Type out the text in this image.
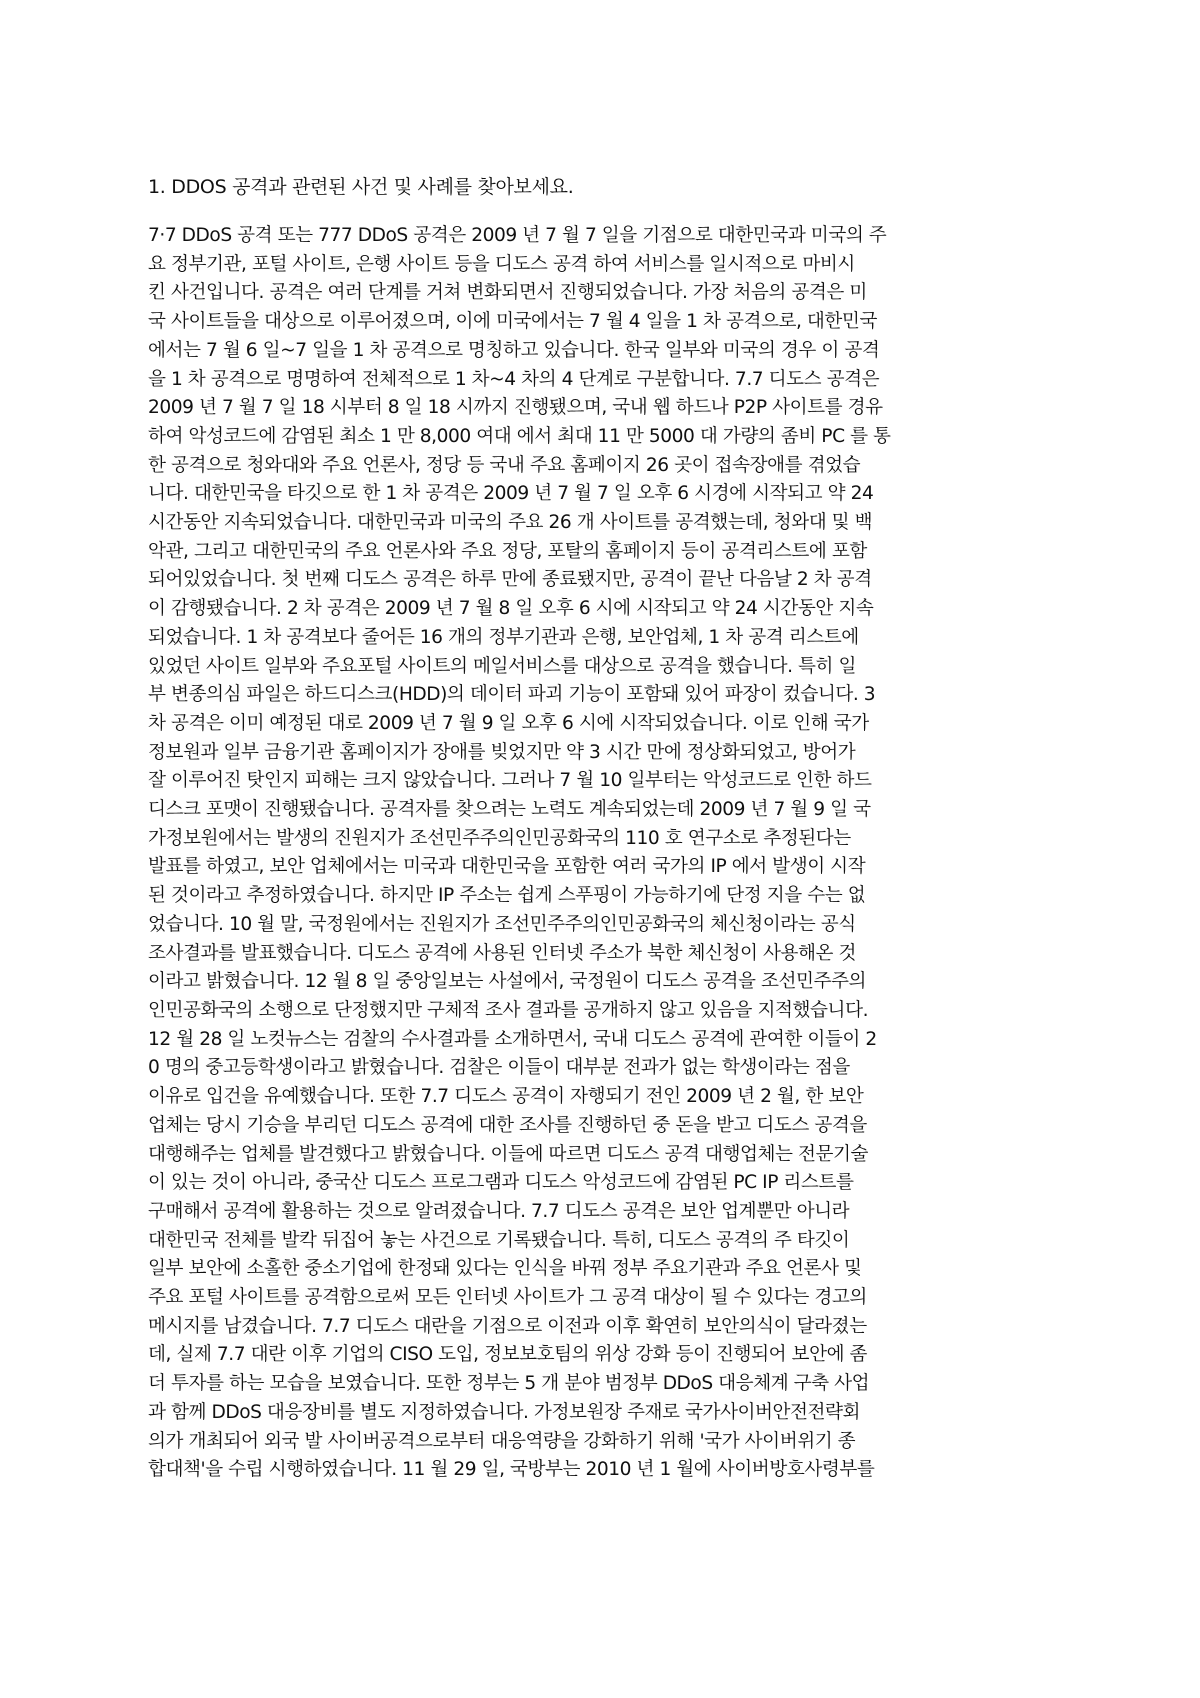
1. DDOS 공격과 관련된 사건 및 사례를 찾아보세요.
7·7 DDoS 공격 또는 777 DDoS 공격은 2009 년 7 월 7 일을 기점으로 대한민국과 미국의 주
요 정부기관, 포털 사이트, 은행 사이트 등을 디도스 공격 하여 서비스를 일시적으로 마비시
킨 사건입니다. 공격은 여러 단계를 거쳐 변화되면서 진행되었습니다. 가장 처음의 공격은 미
국 사이트들을 대상으로 이루어졌으며, 이에 미국에서는 7 월 4 일을 1 차 공격으로, 대한민국
에서는 7 월 6 일~7 일을 1 차 공격으로 명칭하고 있습니다. 한국 일부와 미국의 경우 이 공격
을 1 차 공격으로 명명하여 전체적으로 1 차~4 차의 4 단계로 구분합니다. 7.7 디도스 공격은
2009 년 7 월 7 일 18 시부터 8 일 18 시까지 진행됐으며, 국내 웹 하드나 P2P 사이트를 경유
하여 악성코드에 감염된 최소 1 만 8,000 여대 에서 최대 11 만 5000 대 가량의 좀비 PC 를 통
한 공격으로 청와대와 주요 언론사, 정당 등 국내 주요 홈페이지 26 곳이 접속장애를 겪었습
니다. 대한민국을 타깃으로 한 1 차 공격은 2009 년 7 월 7 일 오후 6 시경에 시작되고 약 24
시간동안 지속되었습니다. 대한민국과 미국의 주요 26 개 사이트를 공격했는데, 청와대 및 백
악관, 그리고 대한민국의 주요 언론사와 주요 정당, 포탈의 홈페이지 등이 공격리스트에 포함
되어있었습니다. 첫 번째 디도스 공격은 하루 만에 종료됐지만, 공격이 끝난 다음날 2 차 공격
이 감행됐습니다. 2 차 공격은 2009 년 7 월 8 일 오후 6 시에 시작되고 약 24 시간동안 지속
되었습니다. 1 차 공격보다 줄어든 16 개의 정부기관과 은행, 보안업체, 1 차 공격 리스트에
있었던 사이트 일부와 주요포털 사이트의 메일서비스를 대상으로 공격을 했습니다. 특히 일
부 변종의심 파일은 하드디스크(HDD)의 데이터 파괴 기능이 포함돼 있어 파장이 컸습니다. 3
차 공격은 이미 예정된 대로 2009 년 7 월 9 일 오후 6 시에 시작되었습니다. 이로 인해 국가
정보원과 일부 금융기관 홈페이지가 장애를 빚었지만 약 3 시간 만에 정상화되었고, 방어가
잘 이루어진 탓인지 피해는 크지 않았습니다. 그러나 7 월 10 일부터는 악성코드로 인한 하드
디스크 포맷이 진행됐습니다. 공격자를 찾으려는 노력도 계속되었는데 2009 년 7 월 9 일 국
가정보원에서는 발생의 진원지가 조선민주주의인민공화국의 110 호 연구소로 추정된다는
발표를 하였고, 보안 업체에서는 미국과 대한민국을 포함한 여러 국가의 IP 에서 발생이 시작
된 것이라고 추정하였습니다. 하지만 IP 주소는 쉽게 스푸핑이 가능하기에 단정 지을 수는 없
었습니다. 10 월 말, 국정원에서는 진원지가 조선민주주의인민공화국의 체신청이라는 공식
조사결과를 발표했습니다. 디도스 공격에 사용된 인터넷 주소가 북한 체신청이 사용해온 것
이라고 밝혔습니다. 12 월 8 일 중앙일보는 사설에서, 국정원이 디도스 공격을 조선민주주의
인민공화국의 소행으로 단정했지만 구체적 조사 결과를 공개하지 않고 있음을 지적했습니다.
12 월 28 일 노컷뉴스는 검찰의 수사결과를 소개하면서, 국내 디도스 공격에 관여한 이들이 2
0 명의 중고등학생이라고 밝혔습니다. 검찰은 이들이 대부분 전과가 없는 학생이라는 점을
이유로 입건을 유예했습니다. 또한 7.7 디도스 공격이 자행되기 전인 2009 년 2 월, 한 보안
업체는 당시 기승을 부리던 디도스 공격에 대한 조사를 진행하던 중 돈을 받고 디도스 공격을
대행해주는 업체를 발견했다고 밝혔습니다. 이들에 따르면 디도스 공격 대행업체는 전문기술
이 있는 것이 아니라, 중국산 디도스 프로그램과 디도스 악성코드에 감염된 PC IP 리스트를
구매해서 공격에 활용하는 것으로 알려졌습니다. 7.7 디도스 공격은 보안 업계뿐만 아니라
대한민국 전체를 발칵 뒤집어 놓는 사건으로 기록됐습니다. 특히, 디도스 공격의 주 타깃이
일부 보안에 소홀한 중소기업에 한정돼 있다는 인식을 바꿔 정부 주요기관과 주요 언론사 및
주요 포털 사이트를 공격함으로써 모든 인터넷 사이트가 그 공격 대상이 될 수 있다는 경고의
메시지를 남겼습니다. 7.7 디도스 대란을 기점으로 이전과 이후 확연히 보안의식이 달라졌는
데, 실제 7.7 대란 이후 기업의 CISO 도입, 정보보호팀의 위상 강화 등이 진행되어 보안에 좀
더 투자를 하는 모습을 보였습니다. 또한 정부는 5 개 분야 범정부 DDoS 대응체계 구축 사업
과 함께 DDoS 대응장비를 별도 지정하였습니다. 가정보원장 주재로 국가사이버안전전략회
의가 개최되어 외국 발 사이버공격으로부터 대응역량을 강화하기 위해 '국가 사이버위기 종
합대책'을 수립 시행하였습니다. 11 월 29 일, 국방부는 2010 년 1 월에 사이버방호사령부를
